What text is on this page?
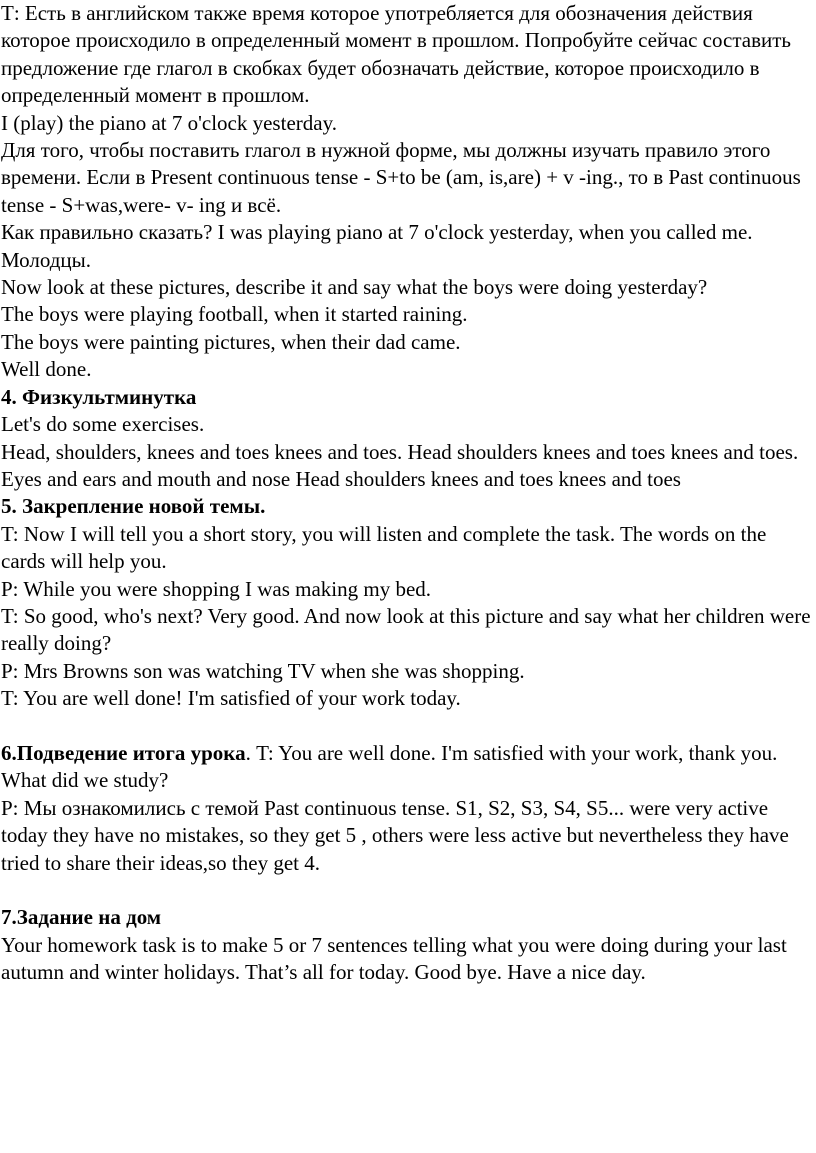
Т: Есть в английском также время которое употребляется для обозначения действия которое происходило в определенный момент в прошлом. Попробуйте сейчас составить предложение где глагол в скобках будет обозначать действие, которое происходило в определенный момент в прошлом.

I (play) the piano at 7 o'clock yesterday.

Для того, чтобы поставить глагол в нужной форме, мы должны изучать правило этого времени. Если в Present continuous tense - S+to be (am, is,are) + v -ing., то в Past continuous tense - S+was,were- v- ing и всё.

Как правильно сказать? I was playing piano at 7 o'clock yesterday, when you called me. Молодцы.

Now look at these pictures, describe it and say what the boys were doing yesterday?

The boys were playing football, when it started raining.

The boys were painting pictures, when their dad came.

Well done.

4. Физкультминутка

Let's do some exercises.

Head, shoulders, knees and toes knees and toes. Head shoulders knees and toes knees and toes. Eyes and ears and mouth and nose Head shoulders knees and toes knees and toes

5. Закрепление новой темы.

T: Now I will tell you a short story, you will listen and complete the task. The words on the cards will help you.

P: While you were shopping I was making my bed.

T: So good, who's next? Very good. And now look at this picture and say what her children were really doing?

P: Mrs Browns son was watching TV when she was shopping.

T: You are well done! I'm satisfied of your work today.

6.Подведение итога урока. T: You are well done. I'm satisfied with your work, thank you. What did we study?

P: Мы ознакомились с темой Past continuous tense. S1, S2, S3, S4, S5... were very active today they have no mistakes, so they get 5 , others were less active but nevertheless they have tried to share their ideas,so they get 4.

7.Задание на дом

Your homework task is to make 5 or 7 sentences telling what you were doing during your last autumn and winter holidays. That’s all for today. Good bye. Have a nice day.
